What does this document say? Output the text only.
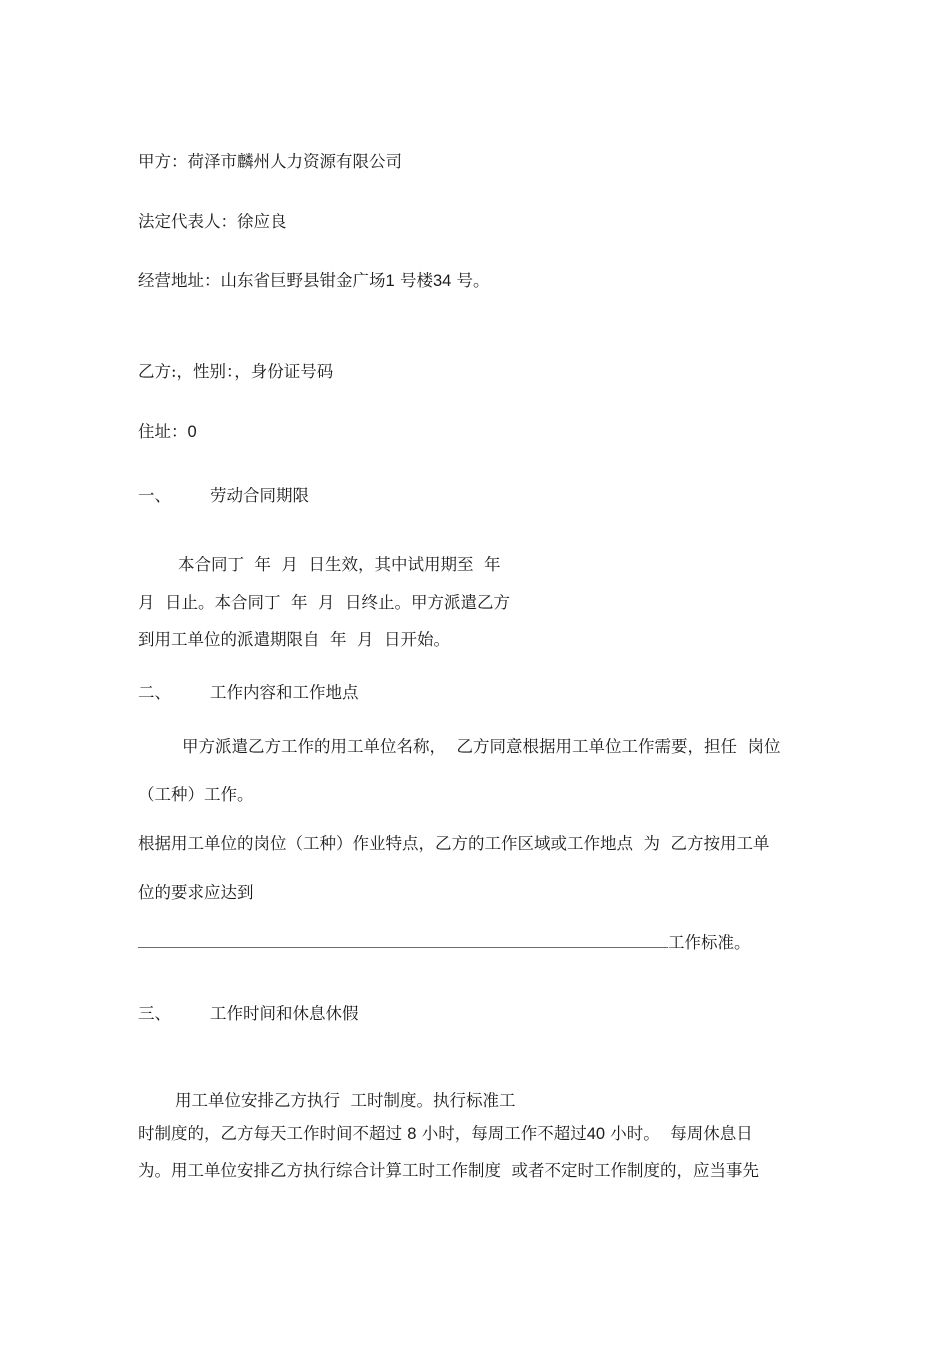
甲方：荷泽市麟州人力资源有限公司

法定代表人：徐应良

经营地址：山东省巨野县钳金广场1 号楼34 号。

乙方:，性别：，身份证号码

住址：0

一、 劳动合同期限

本合同丁  年  月  日生效，其中试用期至  年

月  日止。本合同丁  年  月  日终止。甲方派遣乙方

到用工单位的派遣期限自  年  月  日开始。

二、 工作内容和工作地点

甲方派遣乙方工作的用工单位名称，  乙方同意根据用工单位工作需要，担任  岗位

（工种）工作。

根据用工单位的岗位（工种）作业特点，乙方的工作区域或工作地点  为  乙方按用工单

位的要求应达到

工作标准。

三、 工作时间和休息休假

用工单位安排乙方执行  工时制度。执行标准工

时制度的，乙方每天工作时间不超过 8 小时，每周工作不超过40 小时。  每周休息日

为。用工单位安排乙方执行综合计算工时工作制度  或者不定时工作制度的，应当事先
